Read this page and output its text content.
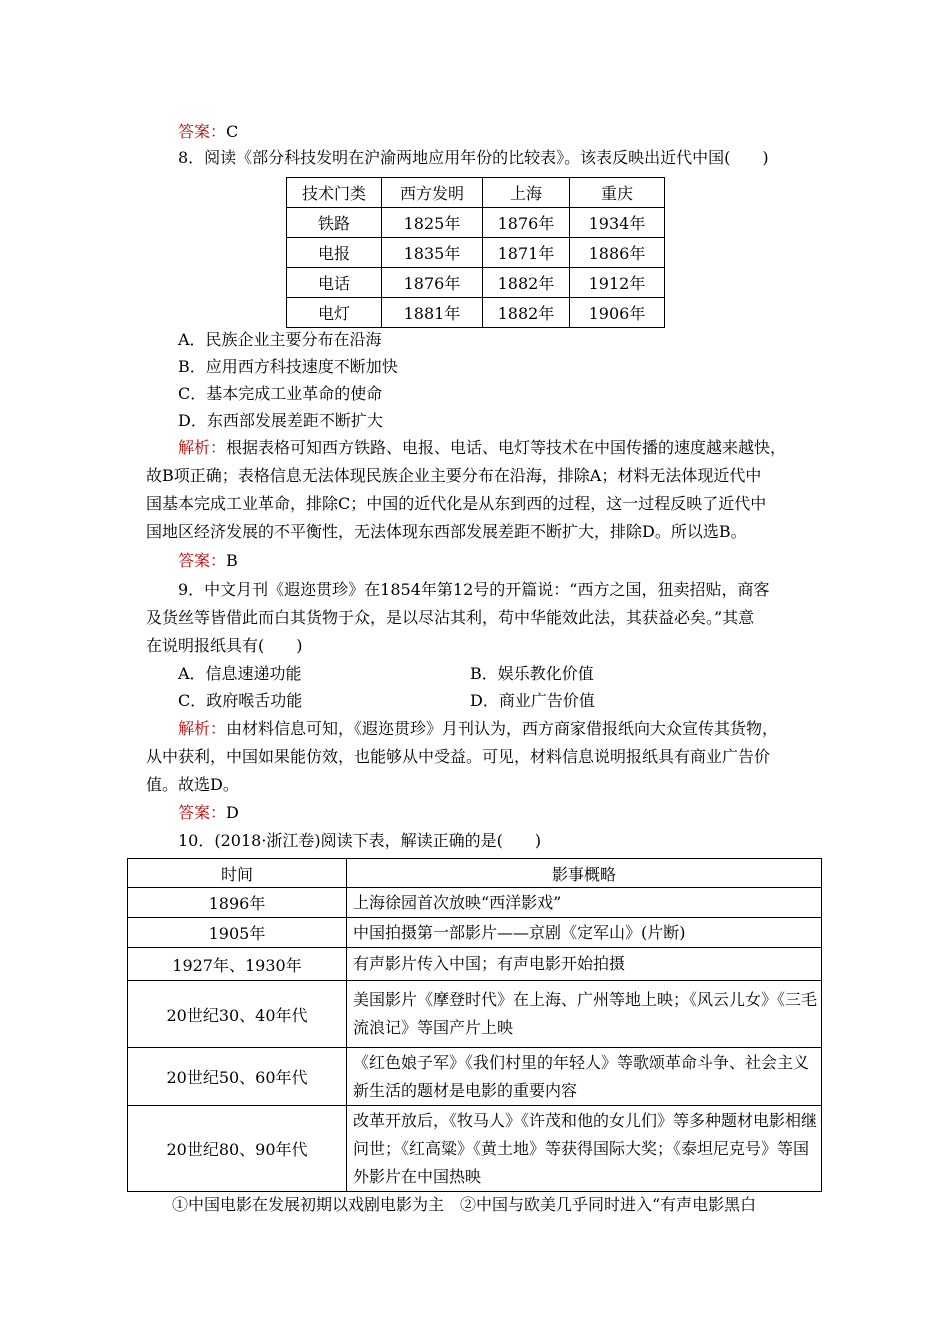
答案：C
8．阅读《部分科技发明在沪渝两地应用年份的比较表》。该表反映出近代中国(　　)
技术门类	西方发明	上海	重庆
铁路	1825年	1876年	1934年
电报	1835年	1871年	1886年
电话	1876年	1882年	1912年
电灯	1881年	1882年	1906年
A．民族企业主要分布在沿海
B．应用西方科技速度不断加快
C．基本完成工业革命的使命
D．东西部发展差距不断扩大
解析：根据表格可知西方铁路、电报、电话、电灯等技术在中国传播的速度越来越快，
故B项正确；表格信息无法体现民族企业主要分布在沿海，排除A；材料无法体现近代中
国基本完成工业革命，排除C；中国的近代化是从东到西的过程，这一过程反映了近代中
国地区经济发展的不平衡性，无法体现东西部发展差距不断扩大，排除D。所以选B。
答案：B
9．中文月刊《遐迩贯珍》在1854年第12号的开篇说：“西方之国，狃卖招贴，商客
及货丝等皆借此而白其货物于众，是以尽沾其利，苟中华能效此法，其获益必矣。”其意
在说明报纸具有(　　)
A．信息速递功能	B．娱乐教化价值
C．政府喉舌功能	D．商业广告价值
解析：由材料信息可知，《遐迩贯珍》月刊认为，西方商家借报纸向大众宣传其货物，
从中获利，中国如果能仿效，也能够从中受益。可见，材料信息说明报纸具有商业广告价
值。故选D。
答案：D
10．(2018·浙江卷)阅读下表，解读正确的是(　　)
时间	影事概略
1896年	上海徐园首次放映“西洋影戏”
1905年	中国拍摄第一部影片——京剧《定军山》(片断)
1927年、1930年	有声影片传入中国；有声电影开始拍摄
20世纪30、40年代	美国影片《摩登时代》在上海、广州等地上映；《风云儿女》《三毛流浪记》等国产片上映
20世纪50、60年代	《红色娘子军》《我们村里的年轻人》等歌颂革命斗争、社会主义新生活的题材是电影的重要内容
20世纪80、90年代	改革开放后，《牧马人》《许茂和他的女儿们》等多种题材电影相继问世；《红高粱》《黄土地》等获得国际大奖；《泰坦尼克号》等国外影片在中国热映
①中国电影在发展初期以戏剧电影为主　②中国与欧美几乎同时进入“有声电影黑白
